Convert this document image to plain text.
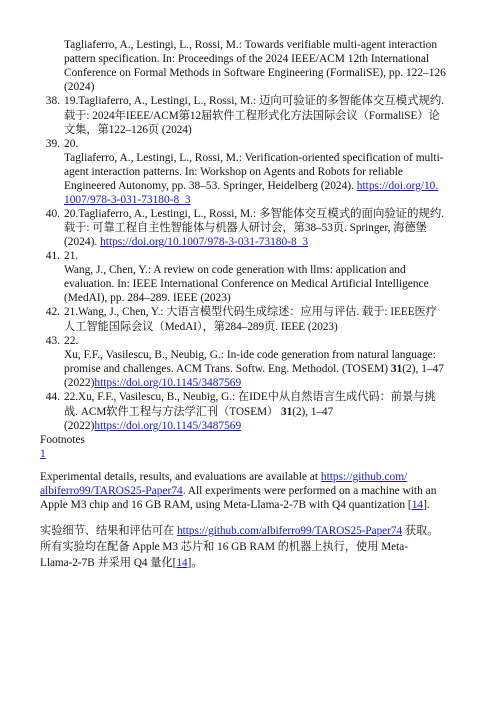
Tagliaferro, A., Lestingi, L., Rossi, M.: Towards verifiable multi-agent interaction
pattern specification. In: Proceedings of the 2024 IEEE/ACM 12th International
Conference on Formal Methods in Software Engineering (FormaliSE), pp. 122–126
(2024)
38. 19.Tagliaferro, A., Lestingi, L., Rossi, M.: 迈向可验证的多智能体交互模式规约.
载于: 2024年IEEE/ACM第12届软件工程形式化方法国际会议（FormaliSE）论
文集，第122–126页 (2024)
39. 20.
Tagliaferro, A., Lestingi, L., Rossi, M.: Verification-oriented specification of multi-
agent interaction patterns. In: Workshop on Agents and Robots for reliable
Engineered Autonomy, pp. 38–53. Springer, Heidelberg (2024). https://doi.org/10.
1007/978-3-031-73180-8_3
40. 20.Tagliaferro, A., Lestingi, L., Rossi, M.: 多智能体交互模式的面向验证的规约.
载于: 可靠工程自主性智能体与机器人研讨会，第38–53页. Springer, 海德堡
(2024). https://doi.org/10.1007/978-3-031-73180-8_3
41. 21.
Wang, J., Chen, Y.: A review on code generation with llms: application and
evaluation. In: IEEE International Conference on Medical Artificial Intelligence
(MedAI), pp. 284–289. IEEE (2023)
42. 21.Wang, J., Chen, Y.: 大语言模型代码生成综述：应用与评估. 载于: IEEE医疗
人工智能国际会议（MedAI），第284–289页. IEEE (2023)
43. 22.
Xu, F.F., Vasilescu, B., Neubig, G.: In-ide code generation from natural language:
promise and challenges. ACM Trans. Softw. Eng. Methodol. (TOSEM) 31(2), 1–47
(2022)https://doi.org/10.1145/3487569
44. 22.Xu, F.F., Vasilescu, B., Neubig, G.: 在IDE中从自然语言生成代码：前景与挑
战. ACM软件工程与方法学汇刊（TOSEM） 31(2), 1–47
(2022)https://doi.org/10.1145/3487569
Footnotes
1
Experimental details, results, and evaluations are available at https://github.com/
albiferro99/TAROS25-Paper74. All experiments were performed on a machine with an
Apple M3 chip and 16 GB RAM, using Meta-Llama-2-7B with Q4 quantization [14].
实验细节、结果和评估可在 https://github.com/albiferro99/TAROS25-Paper74 获取。
所有实验均在配备 Apple M3 芯片和 16 GB RAM 的机器上执行，使用 Meta-
Llama-2-7B 并采用 Q4 量化[14]。
